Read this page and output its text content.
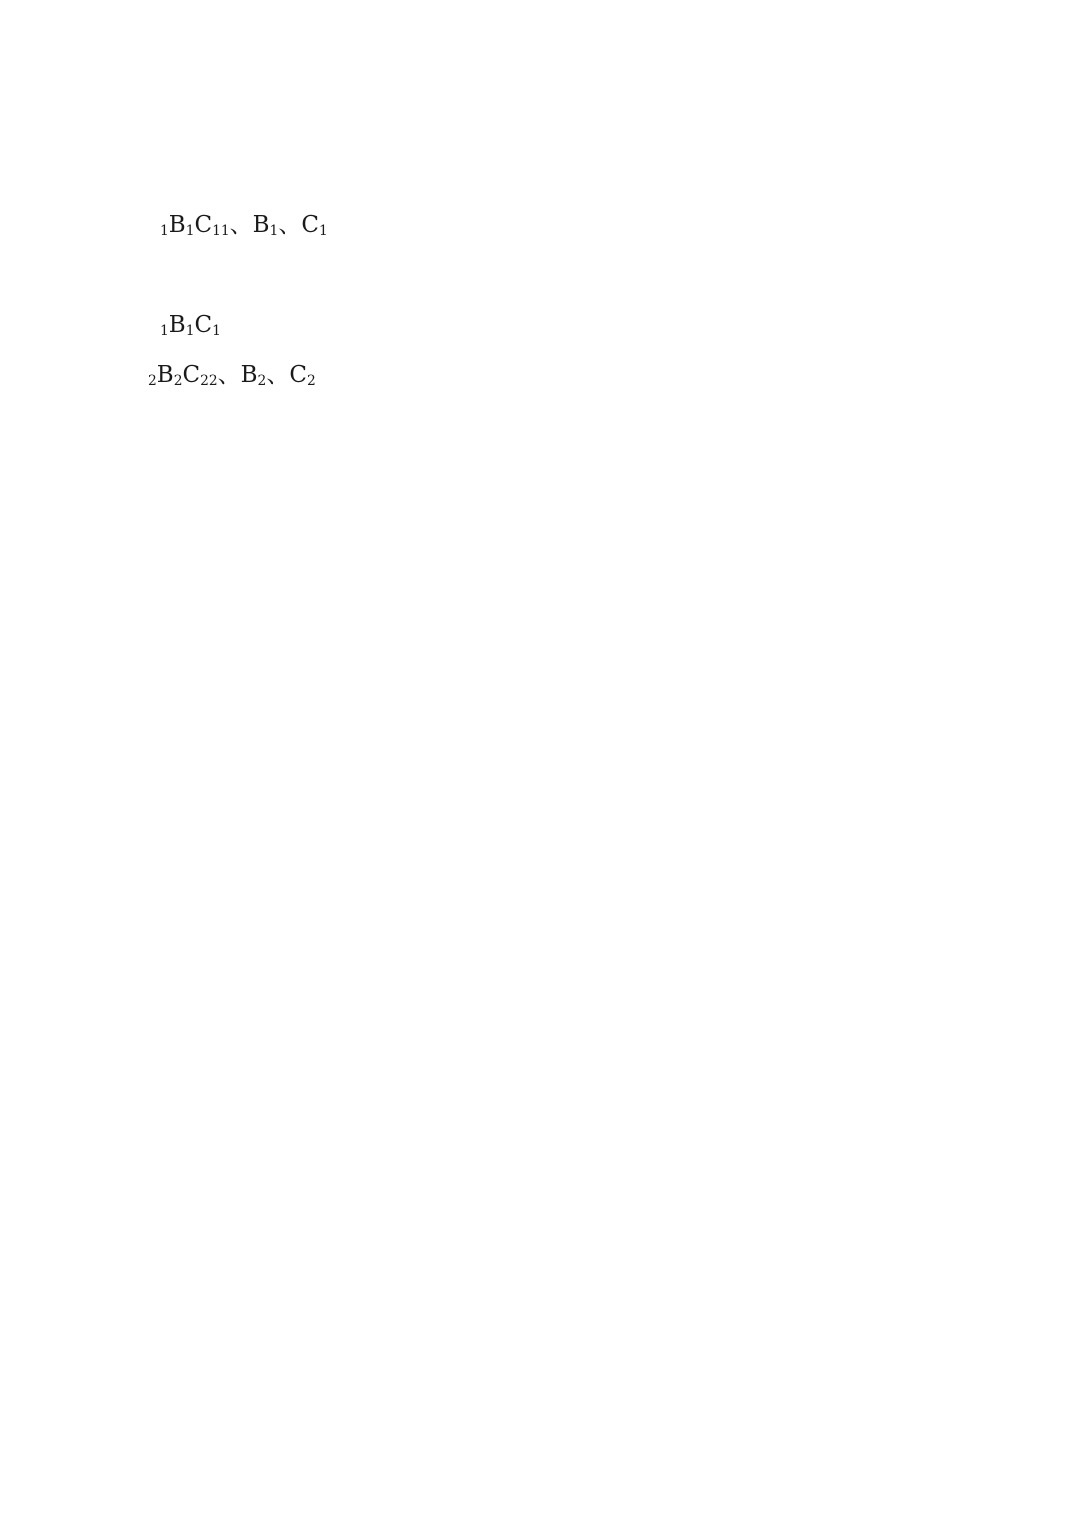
$_1B_1C_{11}$、$B_1$、$C_1$
$_1B_1C_1$
$_2B_2C_{22}$、$B_2$、$C_2$
